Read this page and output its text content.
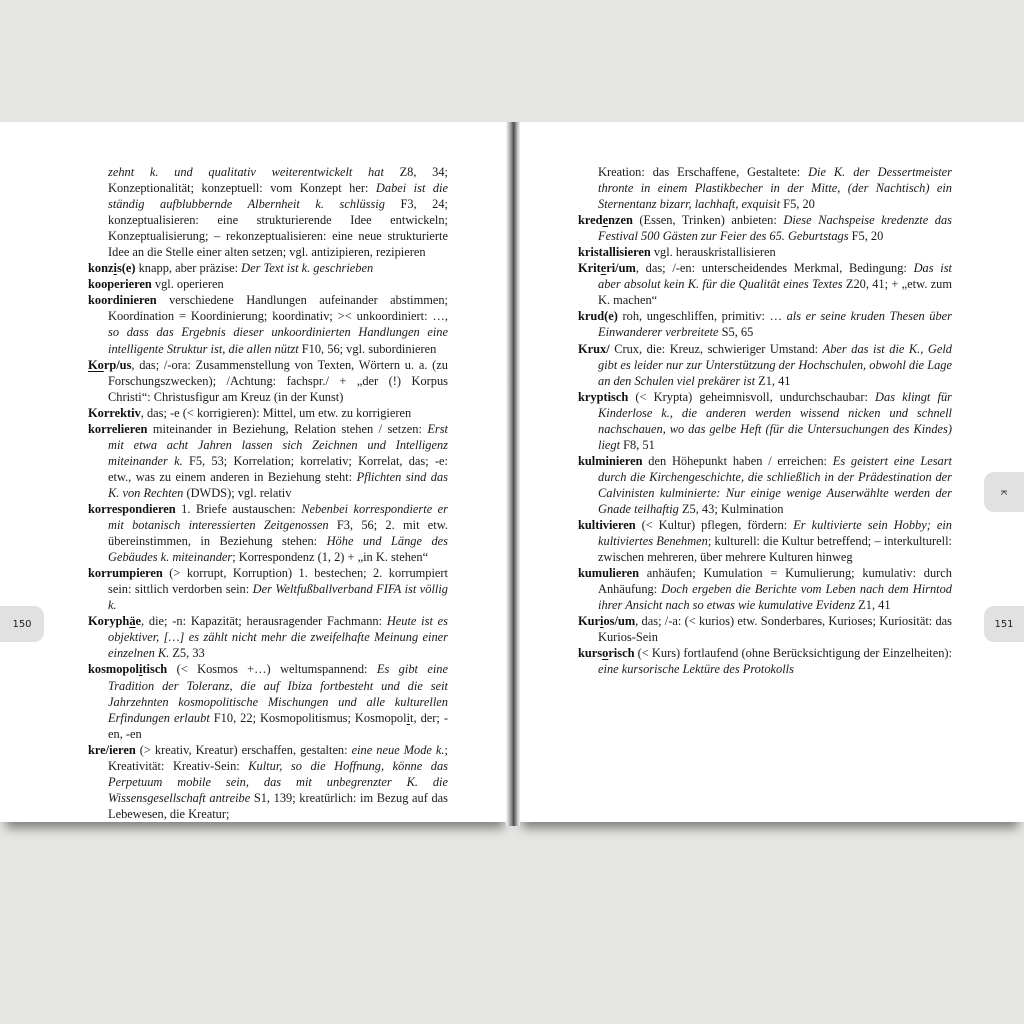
zehnt k. und qualitativ weiterentwickelt hat Z8, 34; Konzeptionalität; konzeptuell: vom Konzept her: Dabei ist die ständig aufblubbernde Albernheit k. schlüssig F3, 24; konzeptualisieren: eine strukturierende Idee entwickeln; Konzeptualisierung; – rekonzeptualisieren: eine neue strukturierte Idee an die Stelle einer alten setzen; vgl. antizipieren, rezipieren

konzis(e) knapp, aber präzise: Der Text ist k. geschrieben

kooperieren vgl. operieren

koordinieren verschiedene Handlungen aufeinander abstimmen; Koordination = Koordinierung; koordinativ; >< unkoordiniert: …, so dass das Ergebnis dieser unkoordinierten Handlungen eine intelligente Struktur ist, die allen nützt F10, 56; vgl. subordinieren

Korp/us, das; /-ora: Zusammenstellung von Texten, Wörtern u. a. (zu Forschungszwecken); /Achtung: fachspr./ + „der (!) Korpus Christi“: Christusfigur am Kreuz (in der Kunst)

Korrektiv, das; -e (< korrigieren): Mittel, um etw. zu korrigieren

korrelieren miteinander in Beziehung, Relation stehen / setzen: Erst mit etwa acht Jahren lassen sich Zeichnen und Intelligenz miteinander k. F5, 53; Korrelation; korrelativ; Korrelat, das; -e: etw., was zu einem anderen in Beziehung steht: Pflichten sind das K. von Rechten (DWDS); vgl. relativ

korrespondieren 1. Briefe austauschen: Nebenbei korrespondierte er mit botanisch interessierten Zeitgenossen F3, 56; 2. mit etw. übereinstimmen, in Beziehung stehen: Höhe und Länge des Gebäudes k. miteinander; Korrespondenz (1, 2) + „in K. stehen“

korrumpieren (> korrupt, Korruption) 1. bestechen; 2. korrumpiert sein: sittlich verdorben sein: Der Weltfußballverband FIFA ist völlig k.

Koryphäe, die; -n: Kapazität; herausragender Fachmann: Heute ist es objektiver, […] es zählt nicht mehr die zweifelhafte Meinung einer einzelnen K. Z5, 33

kosmopolitisch (< Kosmos +…) weltumspannend: Es gibt eine Tradition der Toleranz, die auf Ibiza fortbesteht und die seit Jahrzehnten kosmopolitische Mischungen und alle kulturellen Erfindungen erlaubt F10, 22; Kosmopolitismus; Kosmopolit, der; -en, -en

kre/ieren (> kreativ, Kreatur) erschaffen, gestalten: eine neue Mode k.; Kreativität: Kreativ-Sein: Kultur, so die Hoffnung, könne das Perpetuum mobile sein, das mit unbegrenzter K. die Wissensgesellschaft antreibe S1, 139; kreatürlich: im Bezug auf das Lebewesen, die Kreatur;

Kreation: das Erschaffene, Gestaltete: Die K. der Dessertmeister thronte in einem Plastikbecher in der Mitte, (der Nachtisch) ein Sternentanz bizarr, lachhaft, exquisit F5, 20

kredenzen (Essen, Trinken) anbieten: Diese Nachspeise kredenzte das Festival 500 Gästen zur Feier des 65. Geburtstags F5, 20

kristallisieren vgl. herauskristallisieren

Kriteri/um, das; /-en: unterscheidendes Merkmal, Bedingung: Das ist aber absolut kein K. für die Qualität eines Textes Z20, 41; + „etw. zum K. machen“

krud(e) roh, ungeschliffen, primitiv: … als er seine kruden Thesen über Einwanderer verbreitete S5, 65

Krux/ Crux, die: Kreuz, schwieriger Umstand: Aber das ist die K., Geld gibt es leider nur zur Unterstützung der Hochschulen, obwohl die Lage an den Schulen viel prekärer ist Z1, 41

kryptisch (< Krypta) geheimnisvoll, undurchschaubar: Das klingt für Kinderlose k., die anderen werden wissend nicken und schnell nachschauen, wo das gelbe Heft (für die Untersuchungen des Kindes) liegt F8, 51

kulminieren den Höhepunkt haben / erreichen: Es geistert eine Lesart durch die Kirchengeschichte, die schließlich in der Prädestination der Calvinisten kulminierte: Nur einige wenige Auserwählte werden der Gnade teilhaftig Z5, 43; Kulmination

kultivieren (< Kultur) pflegen, fördern: Er kultivierte sein Hobby; ein kultiviertes Benehmen; kulturell: die Kultur betreffend; – interkulturell: zwischen mehreren, über mehrere Kulturen hinweg

kumulieren anhäufen; Kumulation = Kumulierung; kumulativ: durch Anhäufung: Doch ergeben die Berichte vom Leben nach dem Hirntod ihrer Ansicht nach so etwas wie kumulative Evidenz Z1, 41

Kurios/um, das; /-a: (< kurios) etw. Sonderbares, Kurioses; Kuriosität: das Kurios-Sein

kursorisch (< Kurs) fortlaufend (ohne Berücksichtigung der Einzelheiten): eine kursorische Lektüre des Protokolls

150
K
151
